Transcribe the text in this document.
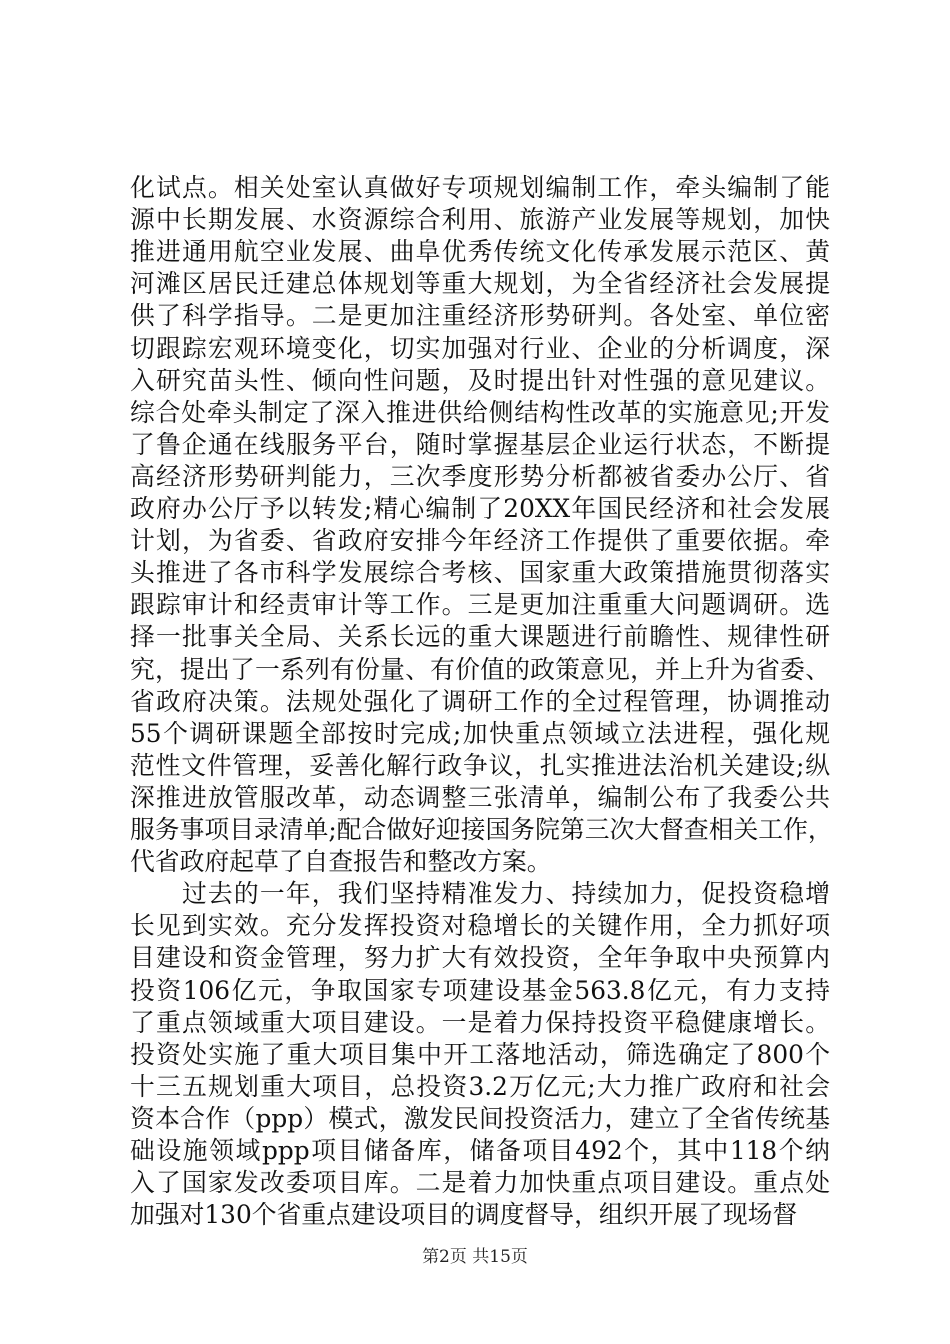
化试点。相关处室认真做好专项规划编制工作，牵头编制了能
源中长期发展、水资源综合利用、旅游产业发展等规划，加快
推进通用航空业发展、曲阜优秀传统文化传承发展示范区、黄
河滩区居民迁建总体规划等重大规划，为全省经济社会发展提
供了科学指导。二是更加注重经济形势研判。各处室、单位密
切跟踪宏观环境变化，切实加强对行业、企业的分析调度，深
入研究苗头性、倾向性问题，及时提出针对性强的意见建议。
综合处牵头制定了深入推进供给侧结构性改革的实施意见;开发
了鲁企通在线服务平台，随时掌握基层企业运行状态，不断提
高经济形势研判能力，三次季度形势分析都被省委办公厅、省
政府办公厅予以转发;精心编制了20XX年国民经济和社会发展
计划，为省委、省政府安排今年经济工作提供了重要依据。牵
头推进了各市科学发展综合考核、国家重大政策措施贯彻落实
跟踪审计和经责审计等工作。三是更加注重重大问题调研。选
择一批事关全局、关系长远的重大课题进行前瞻性、规律性研
究，提出了一系列有份量、有价值的政策意见，并上升为省委、
省政府决策。法规处强化了调研工作的全过程管理，协调推动
55个调研课题全部按时完成;加快重点领域立法进程，强化规
范性文件管理，妥善化解行政争议，扎实推进法治机关建设;纵
深推进放管服改革，动态调整三张清单，编制公布了我委公共
服务事项目录清单;配合做好迎接国务院第三次大督查相关工作，
代省政府起草了自查报告和整改方案。
　　过去的一年，我们坚持精准发力、持续加力，促投资稳增
长见到实效。充分发挥投资对稳增长的关键作用，全力抓好项
目建设和资金管理，努力扩大有效投资，全年争取中央预算内
投资106亿元，争取国家专项建设基金563.8亿元，有力支持
了重点领域重大项目建设。一是着力保持投资平稳健康增长。
投资处实施了重大项目集中开工落地活动，筛选确定了800个
十三五规划重大项目，总投资3.2万亿元;大力推广政府和社会
资本合作（ppp）模式，激发民间投资活力，建立了全省传统基
础设施领域ppp项目储备库，储备项目492个，其中118个纳
入了国家发改委项目库。二是着力加快重点项目建设。重点处
加强对130个省重点建设项目的调度督导，组织开展了现场督
第2页 共15页
